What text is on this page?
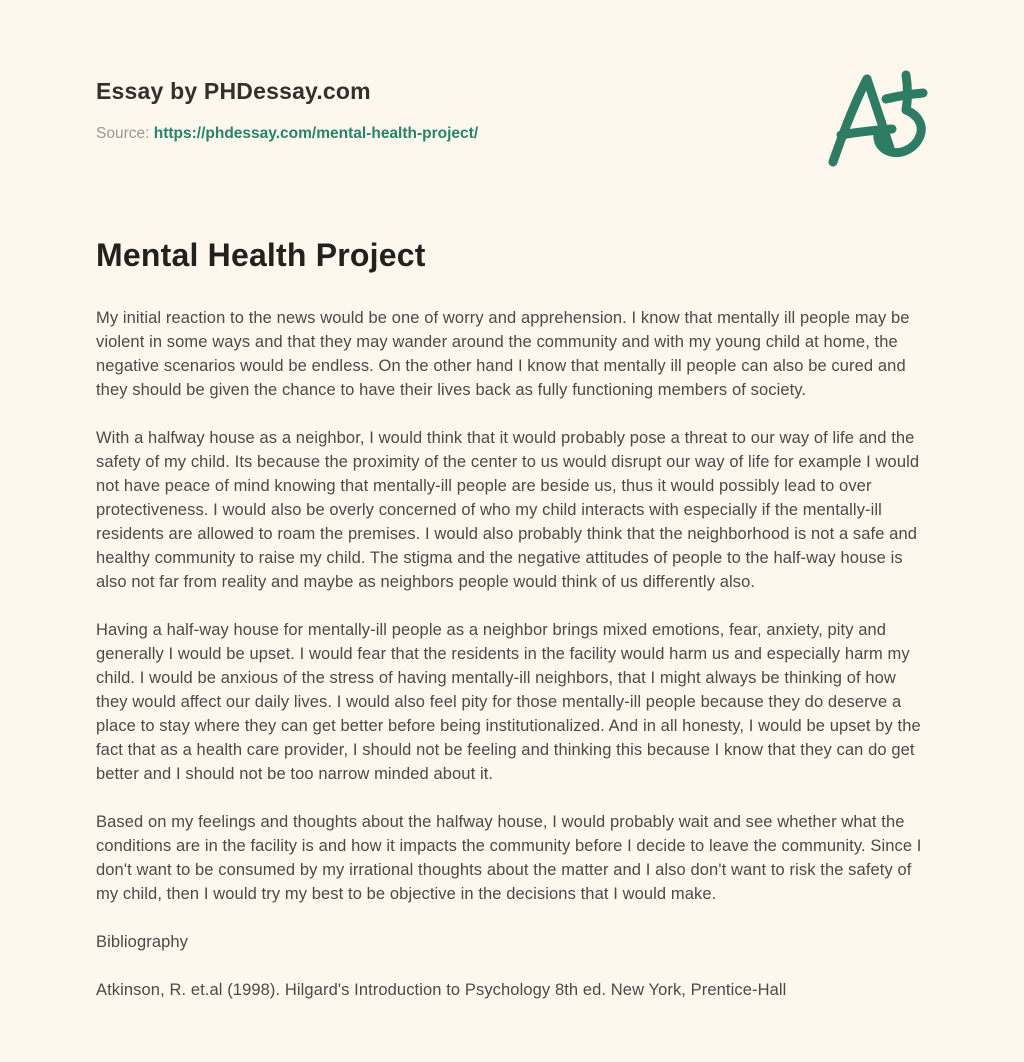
Essay by PHDessay.com
Source: https://phdessay.com/mental-health-project/
Mental Health Project

My initial reaction to the news would be one of worry and apprehension. I know that mentally ill people may be violent in some ways and that they may wander around the community and with my young child at home, the negative scenarios would be endless. On the other hand I know that mentally ill people can also be cured and they should be given the chance to have their lives back as fully functioning members of society.

With a halfway house as a neighbor, I would think that it would probably pose a threat to our way of life and the safety of my child. Its because the proximity of the center to us would disrupt our way of life for example I would not have peace of mind knowing that mentally-ill people are beside us, thus it would possibly lead to over protectiveness. I would also be overly concerned of who my child interacts with especially if the mentally-ill residents are allowed to roam the premises. I would also probably think that the neighborhood is not a safe and healthy community to raise my child. The stigma and the negative attitudes of people to the half-way house is also not far from reality and maybe as neighbors people would think of us differently also.

Having a half-way house for mentally-ill people as a neighbor brings mixed emotions, fear, anxiety, pity and generally I would be upset. I would fear that the residents in the facility would harm us and especially harm my child. I would be anxious of the stress of having mentally-ill neighbors, that I might always be thinking of how they would affect our daily lives. I would also feel pity for those mentally-ill people because they do deserve a place to stay where they can get better before being institutionalized. And in all honesty, I would be upset by the fact that as a health care provider, I should not be feeling and thinking this because I know that they can do get better and I should not be too narrow minded about it.

Based on my feelings and thoughts about the halfway house, I would probably wait and see whether what the conditions are in the facility is and how it impacts the community before I decide to leave the community. Since I don't want to be consumed by my irrational thoughts about the matter and I also don't want to risk the safety of my child, then I would try my best to be objective in the decisions that I would make.

Bibliography

Atkinson, R. et.al (1998). Hilgard's Introduction to Psychology 8th ed. New York, Prentice-Hall
